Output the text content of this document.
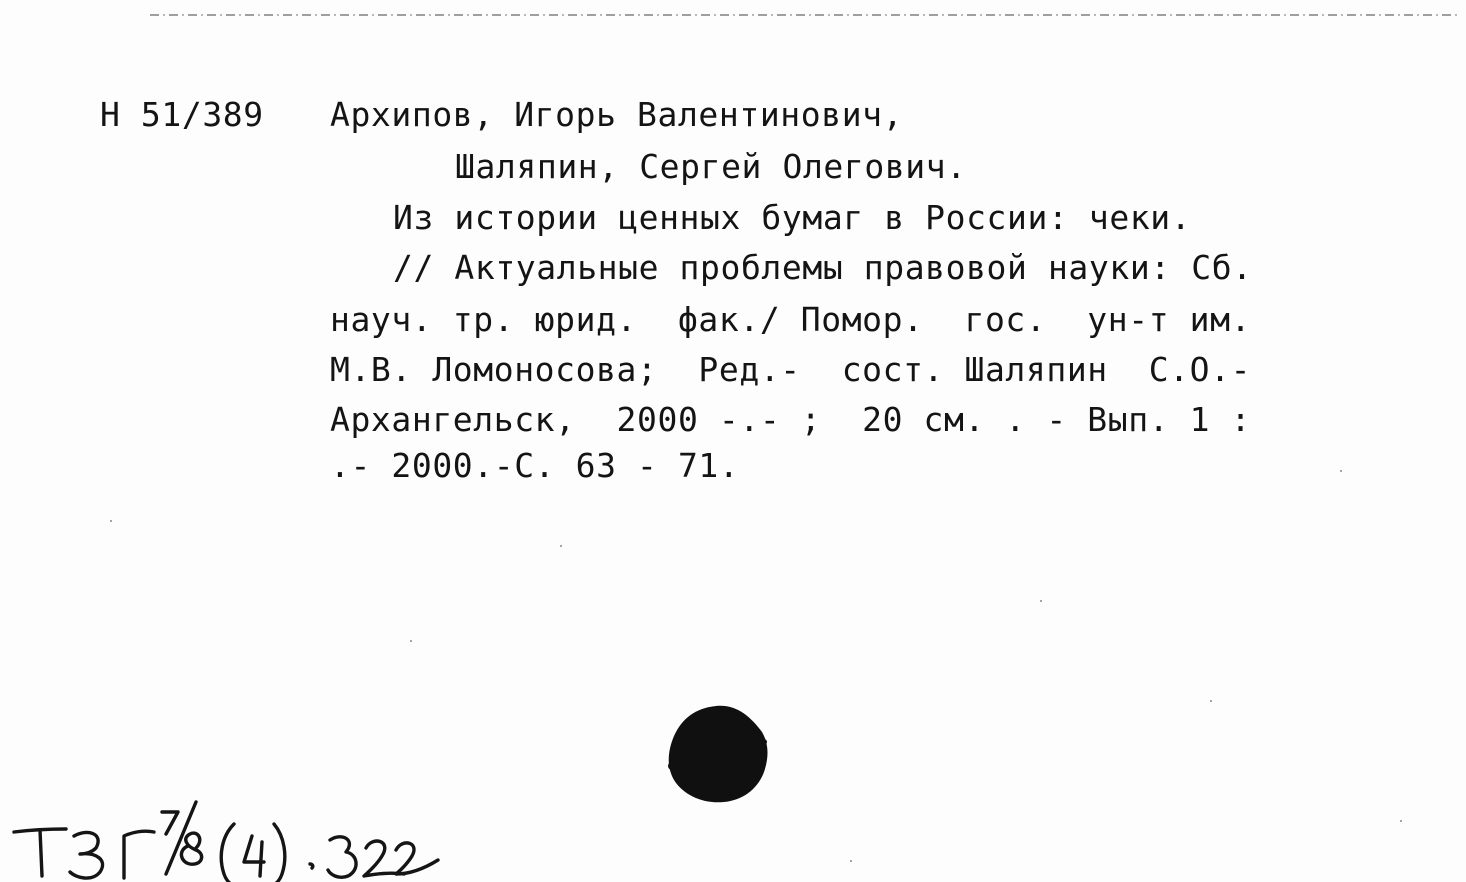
Н 51/389 Архипов, Игорь Валентинович,
Шаляпин, Сергей Олегович.
Из истории ценных бумаг в России: чеки.
// Актуальные проблемы правовой науки: Сб.
науч. тр. юрид.  фак./ Помор.  гос.  ун-т им.
М.В. Ломоносова;  Ред.-  сост. Шаляпин  С.О.-
Архангельск,  2000 -.- ;  20 см. . - Вып. 1 :
.- 2000.-С. 63 - 71.
